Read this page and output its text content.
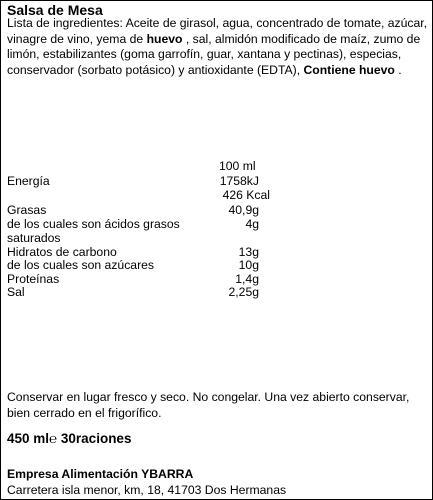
Salsa de Mesa
Lista de ingredientes: Aceite de girasol, agua, concentrado de tomate, azúcar,
vinagre de vino, yema de huevo , sal, almidón modificado de maíz, zumo de
limón, estabilizantes (goma garrofín, guar, xantana y pectinas), especias,
conservador (sorbato potásico) y antioxidante (EDTA), Contiene huevo .
100 ml
Energía	1758kJ
426 Kcal
Grasas	40,9g
de los cuales son ácidos grasos	4g
saturados
Hidratos de carbono	13g
de los cuales son azúcares	10g
Proteínas	1,4g
Sal	2,25g
Conservar en lugar fresco y seco. No congelar. Una vez abierto conservar, bien cerrado en el frigorífico.
450 ml℮ 30raciones
Empresa Alimentación YBARRA
Carretera isla menor, km, 18, 41703 Dos Hermanas
